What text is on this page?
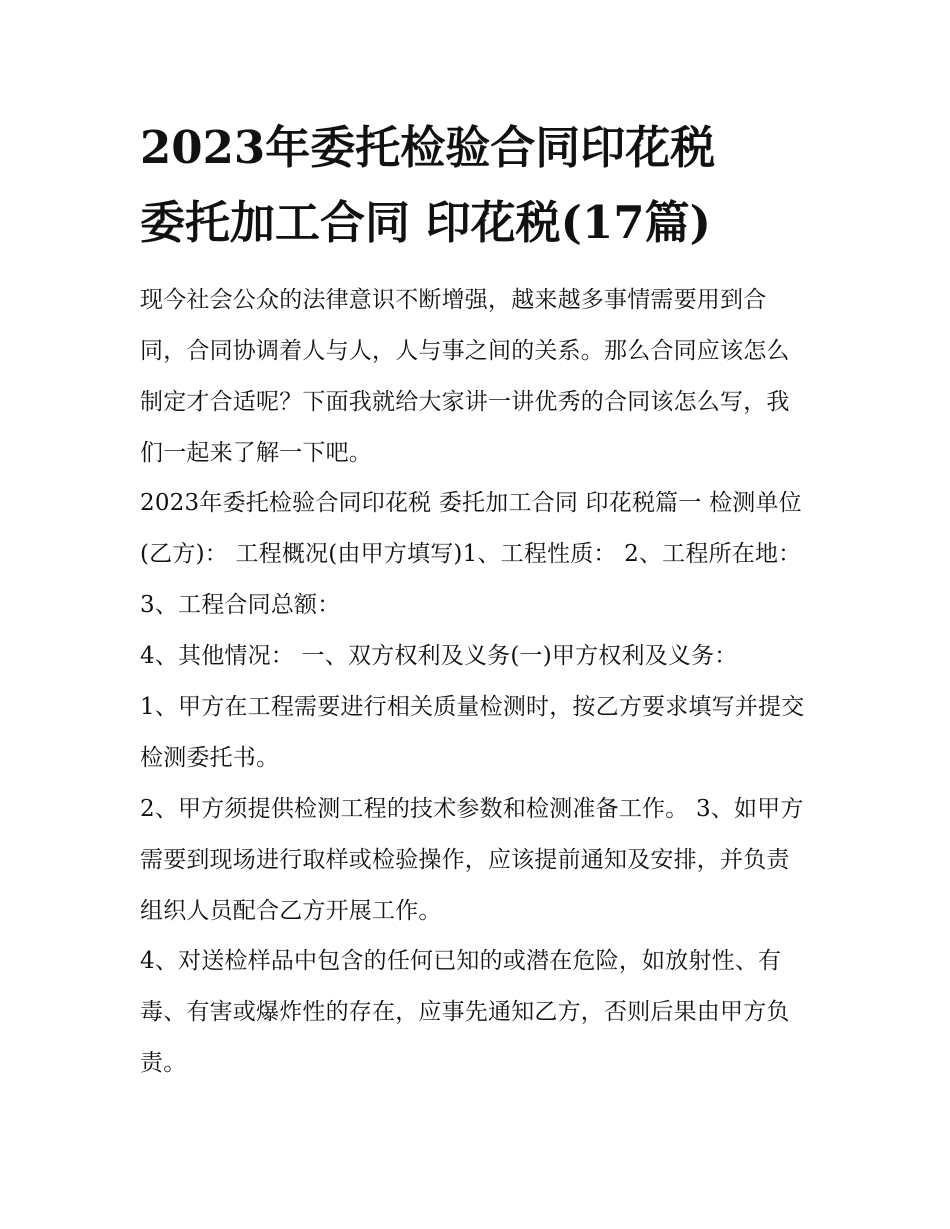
2023年委托检验合同印花税
委托加工合同 印花税(17篇)

现今社会公众的法律意识不断增强，越来越多事情需要用到合同，合同协调着人与人，人与事之间的关系。那么合同应该怎么制定才合适呢？下面我就给大家讲一讲优秀的合同该怎么写，我们一起来了解一下吧。

2023年委托检验合同印花税 委托加工合同 印花税篇一 检测单位(乙方)： 工程概况(由甲方填写)1、工程性质： 2、工程所在地： 3、工程合同总额：

4、其他情况： 一、双方权利及义务(一)甲方权利及义务：

1、甲方在工程需要进行相关质量检测时，按乙方要求填写并提交检测委托书。

2、甲方须提供检测工程的技术参数和检测准备工作。 3、如甲方需要到现场进行取样或检验操作，应该提前通知及安排，并负责组织人员配合乙方开展工作。

4、对送检样品中包含的任何已知的或潜在危险，如放射性、有毒、有害或爆炸性的存在，应事先通知乙方，否则后果由甲方负责。
